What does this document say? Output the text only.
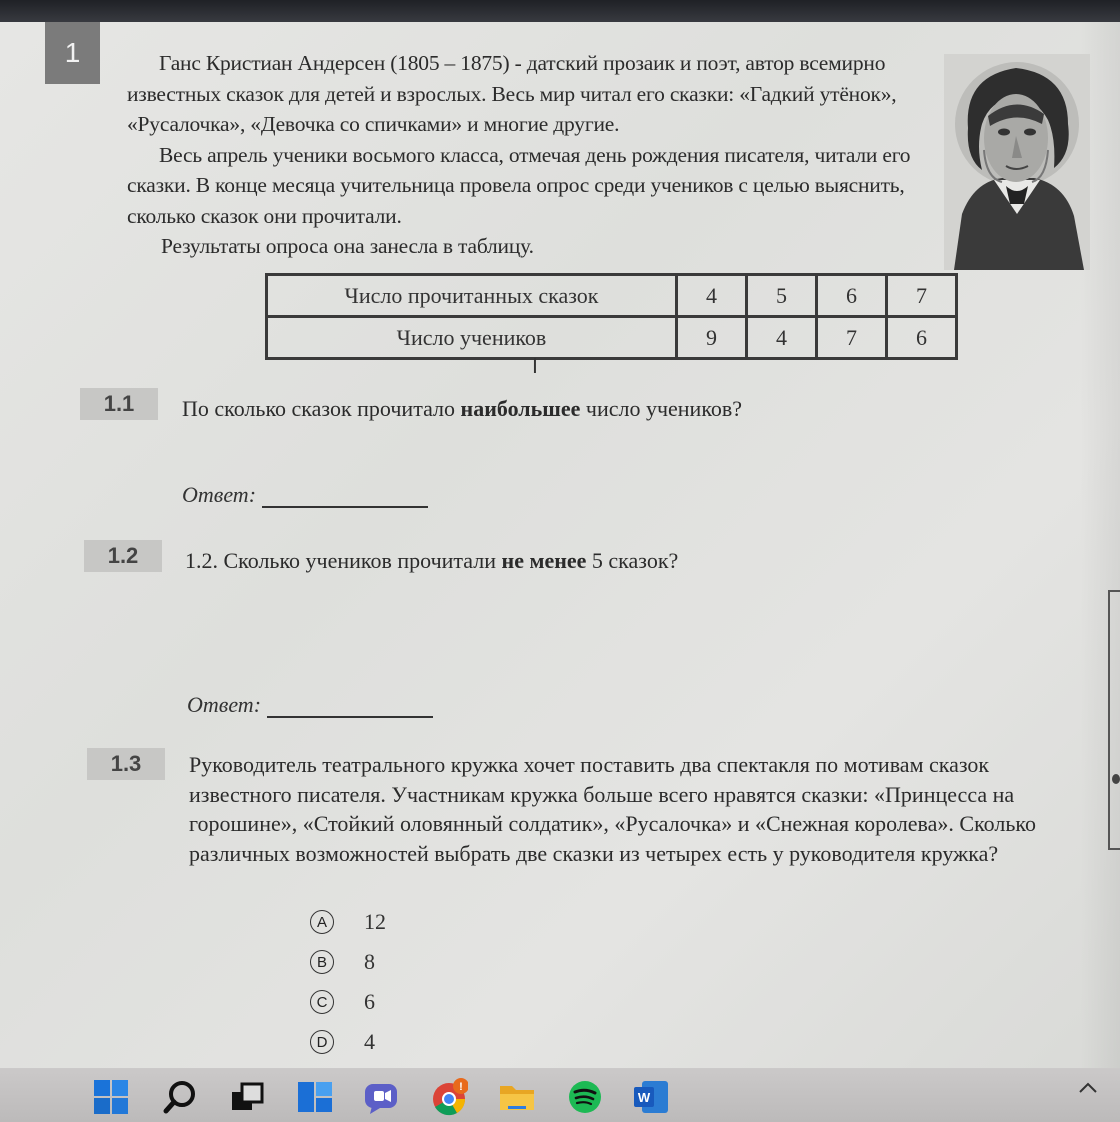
1	Ганс Кристиан Андерсен (1805 – 1875) - датский прозаик и поэт, автор всемирно известных сказок для детей и взрослых. Весь мир читал его сказки: «Гадкий утёнок», «Русалочка», «Девочка со спичками» и многие другие.

Весь апрель ученики восьмого класса, отмечая день рождения писателя, читали его сказки. В конце месяца учительница провела опрос среди учеников с целью выяснить, сколько сказок они прочитали.

Результаты опроса она занесла в таблицу.

Число прочитанных сказок	4	5	6	7
Число учеников	9	4	7	6
I
1.1	По сколько сказок прочитало наибольшее число учеников?
Ответ:
1.2	1.2. Сколько учеников прочитали не менее 5 сказок?
Ответ:
1.3	Руководитель театрального кружка хочет поставить два спектакля по мотивам сказок известного писателя. Участникам кружка больше всего нравятся сказки: «Принцесса на горошине», «Стойкий оловянный солдатик», «Русалочка» и «Снежная королева». Сколько различных возможностей выбрать две сказки из четырех есть у руководителя кружка?
A	12
B	8
C 6
D 4
!
W
